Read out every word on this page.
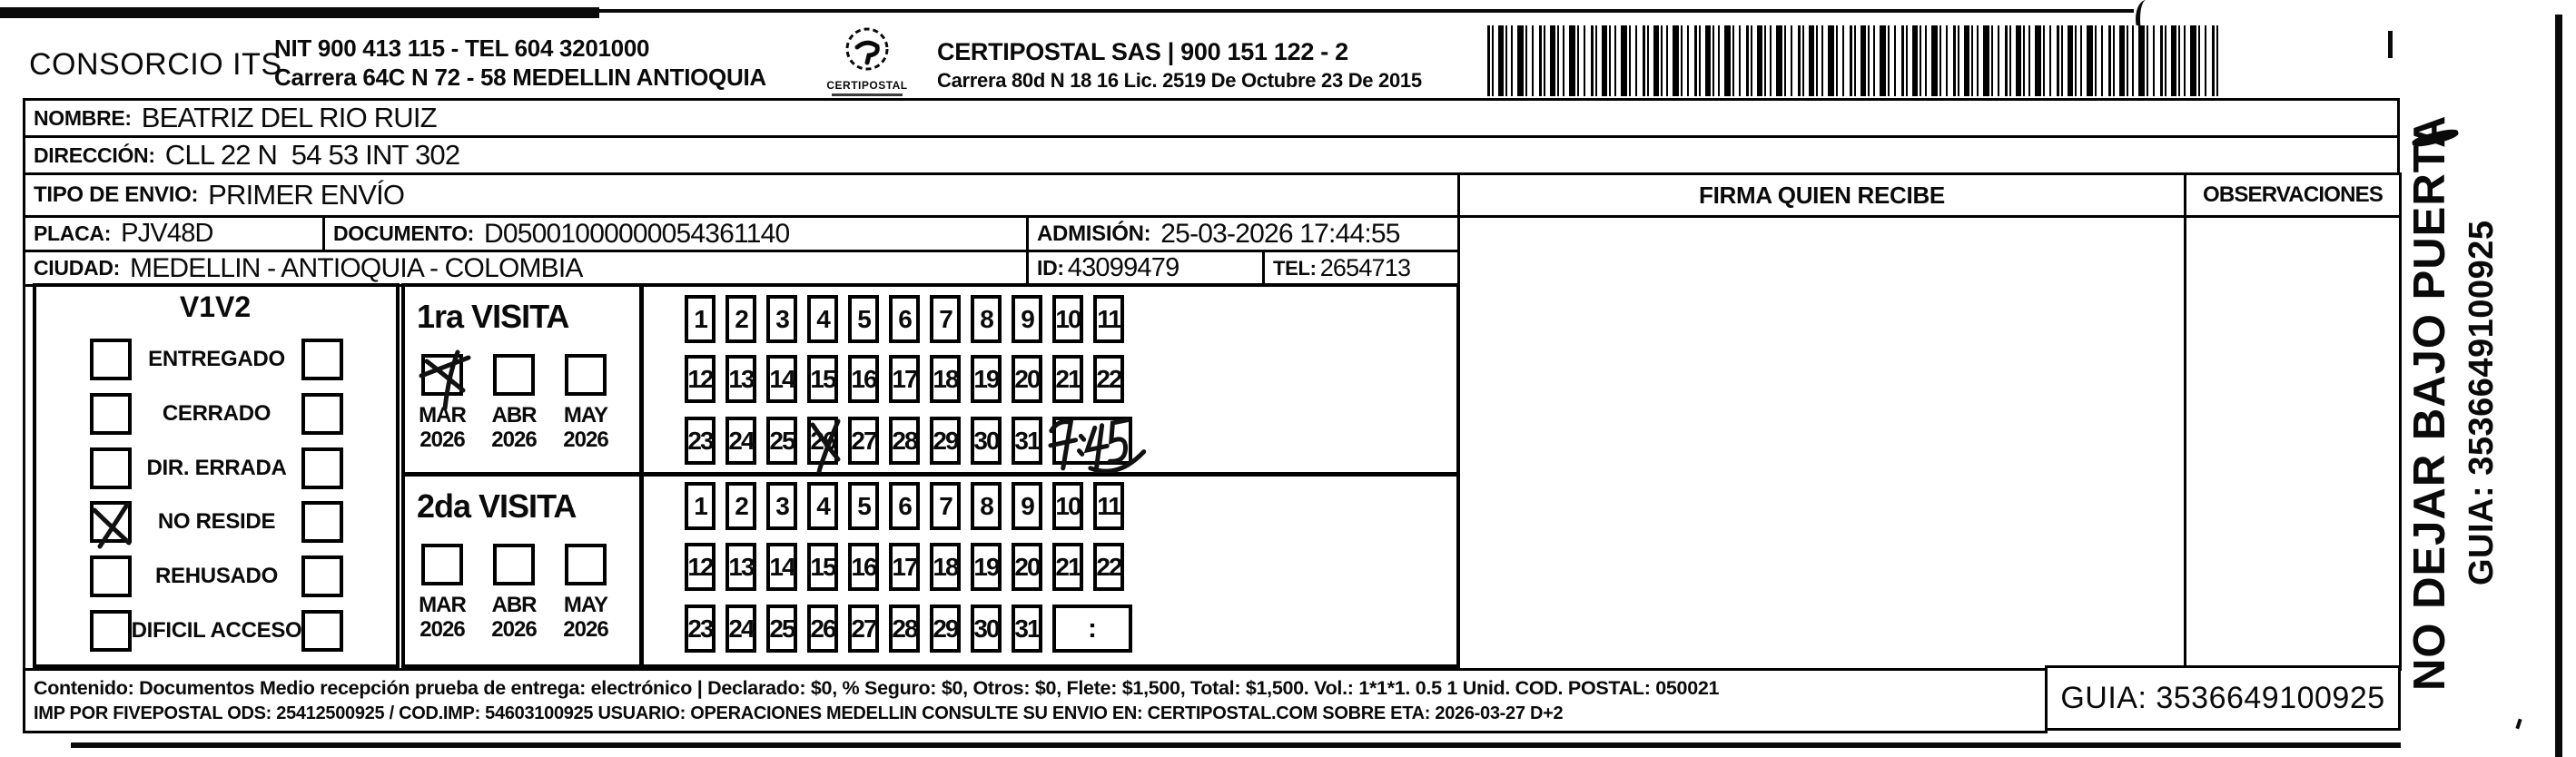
CONSORCIO ITS
NIT 900 413 115 - TEL 604 3201000
Carrera 64C N 72 - 58 MEDELLIN ANTIOQUIA	CERTIPOSTAL
CERTIPOSTAL SAS | 900 151 122 - 2
Carrera 80d N 18 16 Lic. 2519 De Octubre 23 De 2015
NOMBRE: BEATRIZ DEL RIO RUIZ
DIRECCIÓN: CLL 22 N  54 53 INT 302
TIPO DE ENVIO: PRIMER ENVÍO	FIRMA QUIEN RECIBE	OBSERVACIONES
PLACA: PJV48D	DOCUMENTO: D05001000000054361140	ADMISIÓN: 25-03-2026 17:44:55
CIUDAD: MEDELLIN - ANTIOQUIA - COLOMBIA	ID: 43099479	TEL: 2654713
V1 V2
ENTREGADO
CERRADO
DIR. ERRADA
NO RESIDE
REHUSADO
DIFICIL ACCESO
1ra VISITA
MAR
2026
ABR
2026
MAY
2026
2da VISITA
MAR
2026
ABR
2026
MAY
2026
1 2 3 4 5 6 7 8 9 10 11
12 13 14 15 16 17 18 19 20 21 22
23 24 25 26 27 28 29 30 31
1 2 3 4 5 6 7 8 9 10 11
12 13 14 15 16 17 18 19 20 21 22
23 24 25 26 27 28 29 30 31 :
Contenido: Documentos Medio recepción prueba de entrega: electrónico | Declarado: $0, % Seguro: $0, Otros: $0, Flete: $1,500, Total: $1,500. Vol.: 1*1*1. 0.5 1 Unid. COD. POSTAL: 050021
IMP POR FIVEPOSTAL ODS: 25412500925 / COD.IMP: 54603100925 USUARIO: OPERACIONES MEDELLIN CONSULTE SU ENVIO EN: CERTIPOSTAL.COM SOBRE ETA: 2026-03-27 D+2	GUIA: 3536649100925
NO DEJAR BAJO PUERTA GUIA: 3536649100925
